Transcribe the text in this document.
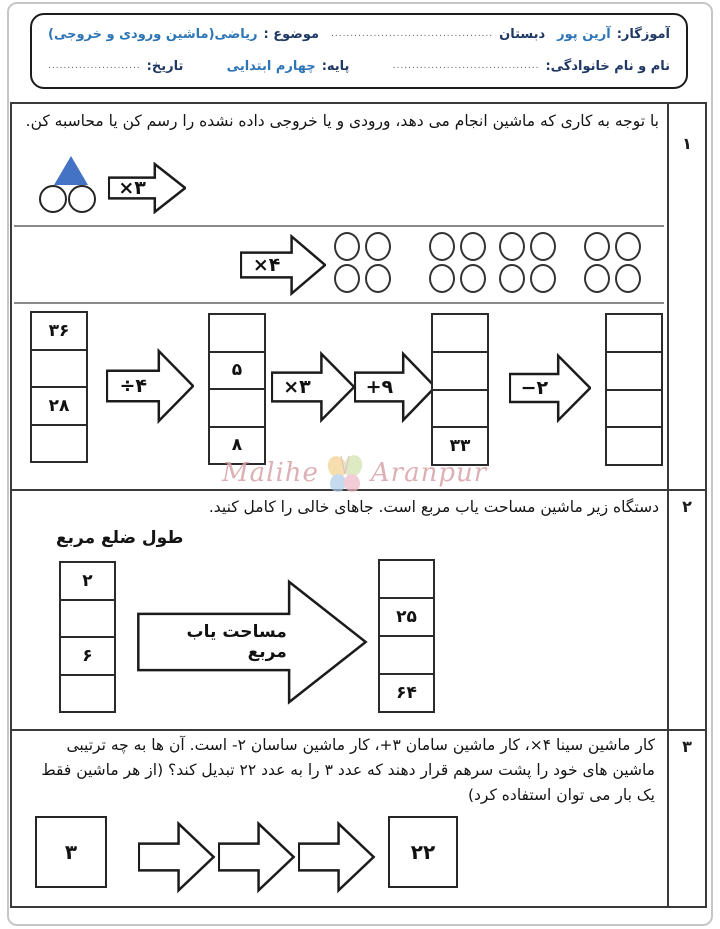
آموزگار:
آرین پور
دبستان
..........................................
موضوع :
ریاضی(ماشین ورودی و خروجی)
نام و نام خانوادگی:
......................................
پایه:
چهارم ابتدایی
تاریخ:
........................
۱
۲
۳
با توجه به کاری که ماشین انجام می دهد، ورودی و یا خروجی داده نشده را رسم کن یا محاسبه کن.
×۳
×۴
۳۶
۲۸
÷۴
۵
۸
×۳	+۹
۳۳
−۲
دستگاه زیر ماشین مساحت یاب مربع است. جاهای خالی را کامل کنید.
طول ضلع مربع
۲
۶
مساحت یاب مربع
۲۵
۶۴
کار ماشین سینا ۴×، کار ماشین سامان ۳+، کار ماشین ساسان ۲- است. آن ها به چه ترتیبی ماشین های خود را پشت سرهم قرار دهند که عدد ۳ را به عدد ۲۲ تبدیل کند؟ (از هر ماشین فقط یک بار می توان استفاده کرد)
۳	۲۲
Malihe Aranpur
